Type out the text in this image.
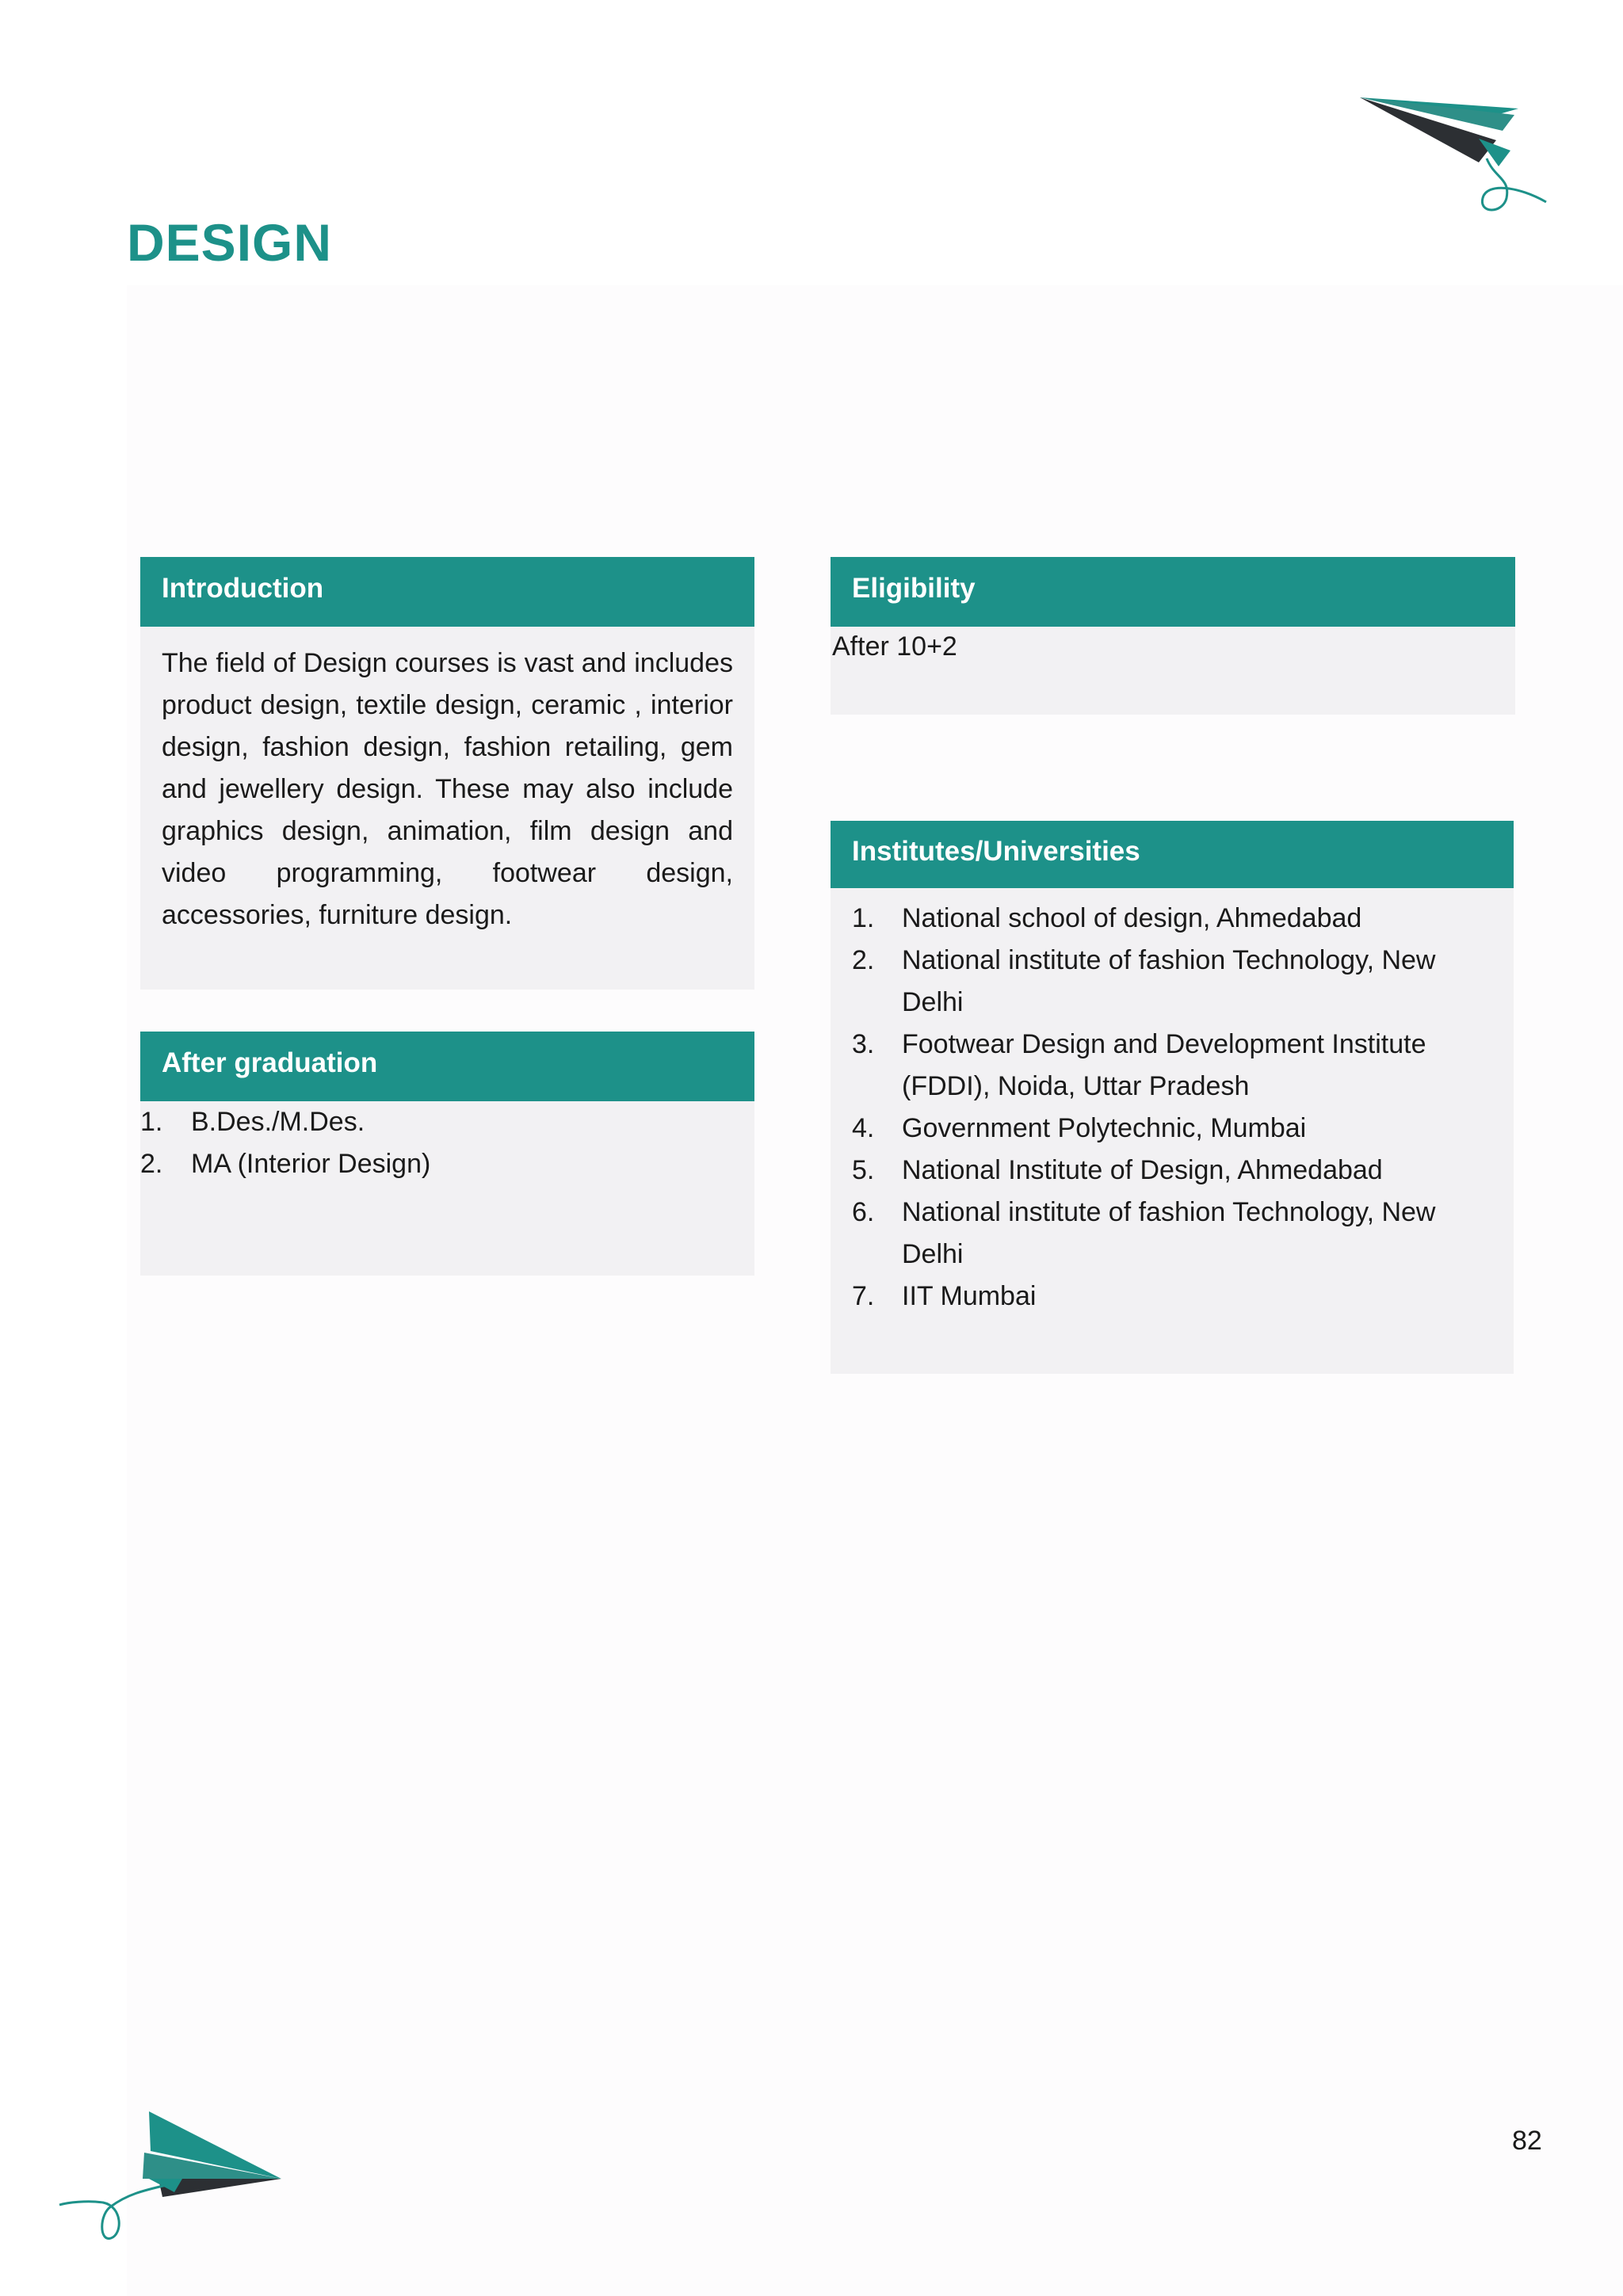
DESIGN
Introduction

The field of Design courses is vast and includes product design, textile design, ceramic , interior design, fashion design, fashion retailing, gem and jewellery design. These may also include graphics design, animation, film design and video programming, footwear design, accessories, furniture design.

Eligibility
After 10+2
After graduation
1. B.Des./M.Des.
2. MA (Interior Design)
Institutes/Universities
1. National school of design, Ahmedabad
2. National institute of fashion Technology, New Delhi
3. Footwear Design and Development Institute (FDDI), Noida, Uttar Pradesh
4. Government Polytechnic, Mumbai
5. National Institute of Design, Ahmedabad
6. National institute of fashion Technology, New Delhi
7. IIT Mumbai
82
